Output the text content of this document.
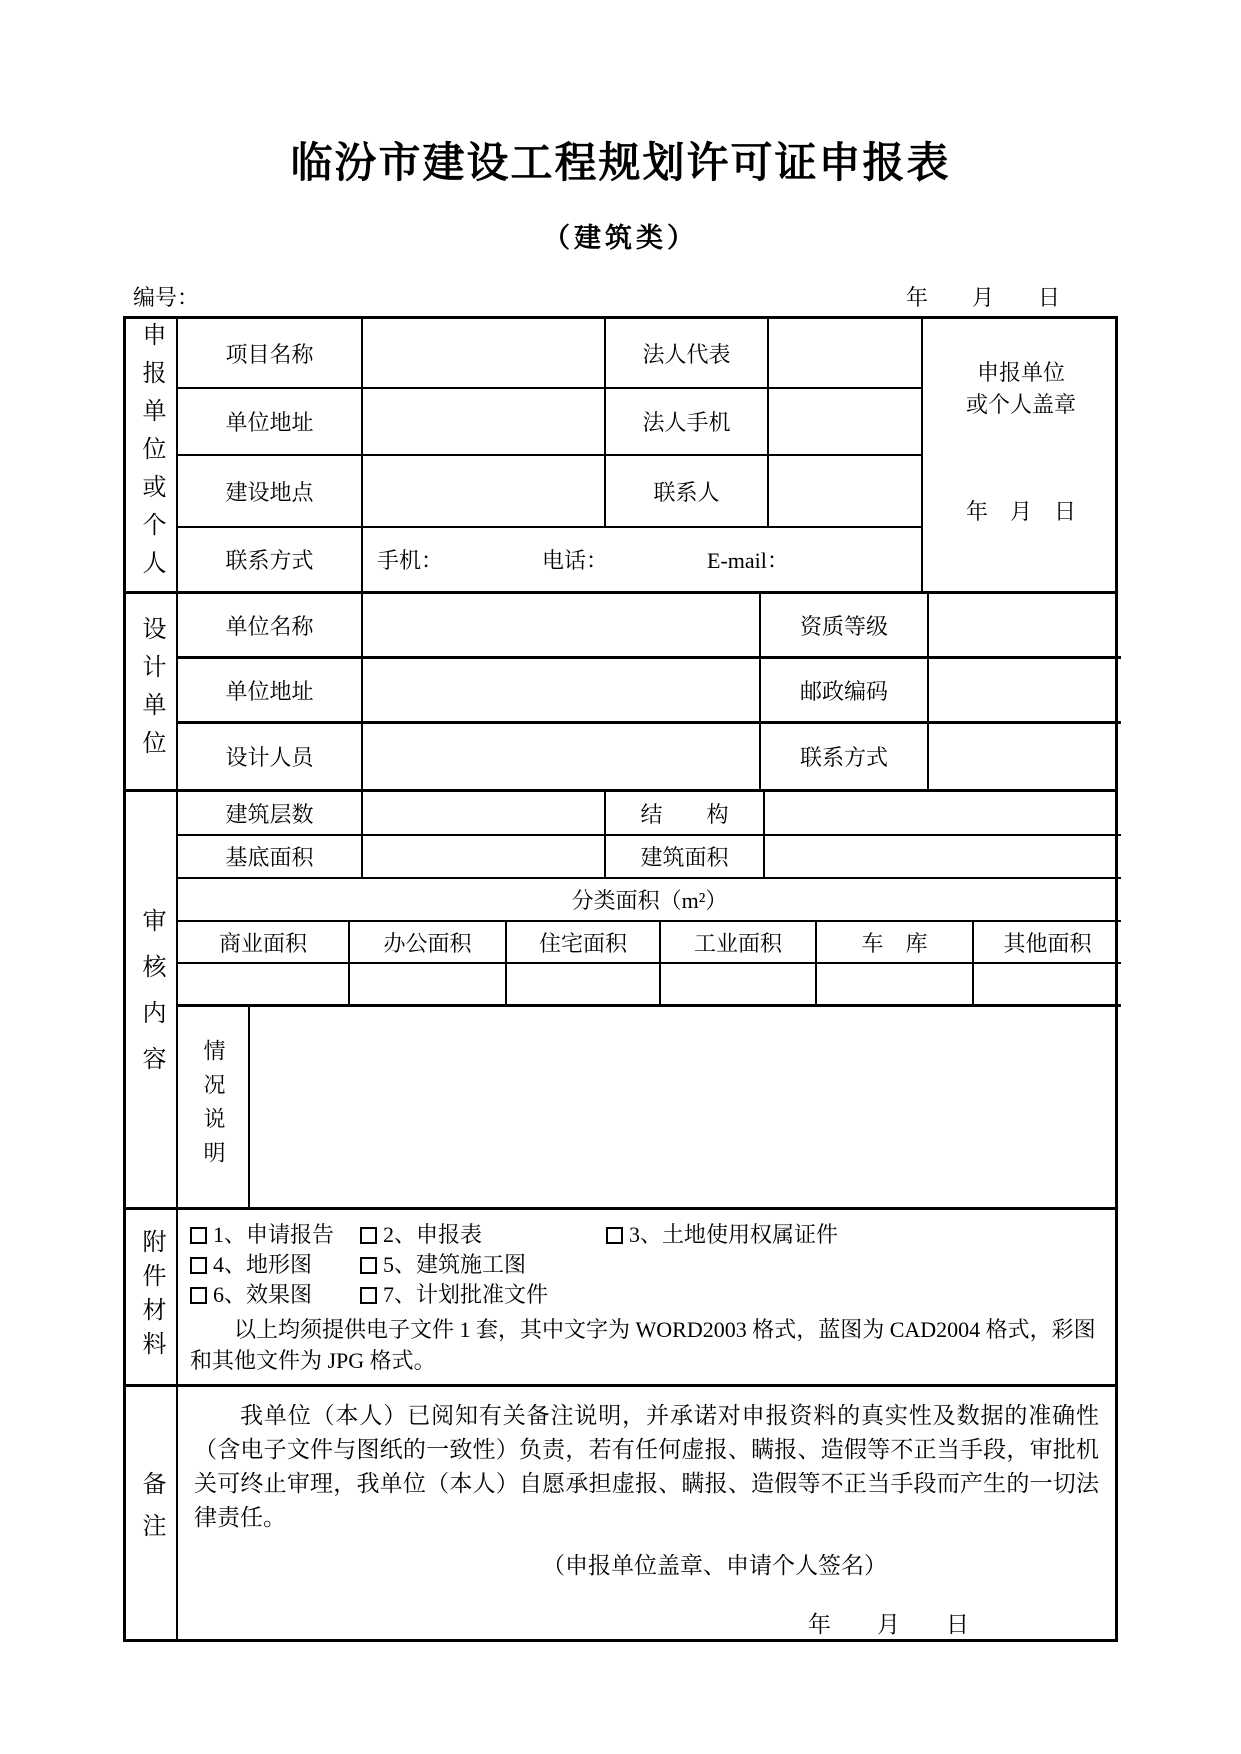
临汾市建设工程规划许可证申报表
（建筑类）
编号：	年　　月　　日
申报单位或个人	项目名称	法人代表
单位地址	法人手机
建设地点	联系人
联系方式	手机：　　　　　电话：　　　　　E-mail：
申报单位
或个人盖章
年　月　日
设计单位	单位名称	资质等级
单位地址	邮政编码
设计人员	联系方式
审核内容
建筑层数	结　　构
基底面积	建筑面积
分类面积（m²）
商业面积	办公面积	住宅面积	工业面积	车　库	其他面积
情况说明
附件材料 1、申请报告 2、申报表	3、土地使用权属证件
4、地形图	5、建筑施工图
6、效果图	7、计划批准文件
以上均须提供电子文件 1 套，其中文字为 WORD2003 格式，蓝图为 CAD2004 格式，彩图和其他文件为 JPG 格式。
备注
我单位（本人）已阅知有关备注说明，并承诺对申报资料的真实性及数据的准确性（含电子文件与图纸的一致性）负责，若有任何虚报、瞒报、造假等不正当手段，审批机关可终止审理，我单位（本人）自愿承担虚报、瞒报、造假等不正当手段而产生的一切法律责任。
（申报单位盖章、申请个人签名）
年　　月　　日
